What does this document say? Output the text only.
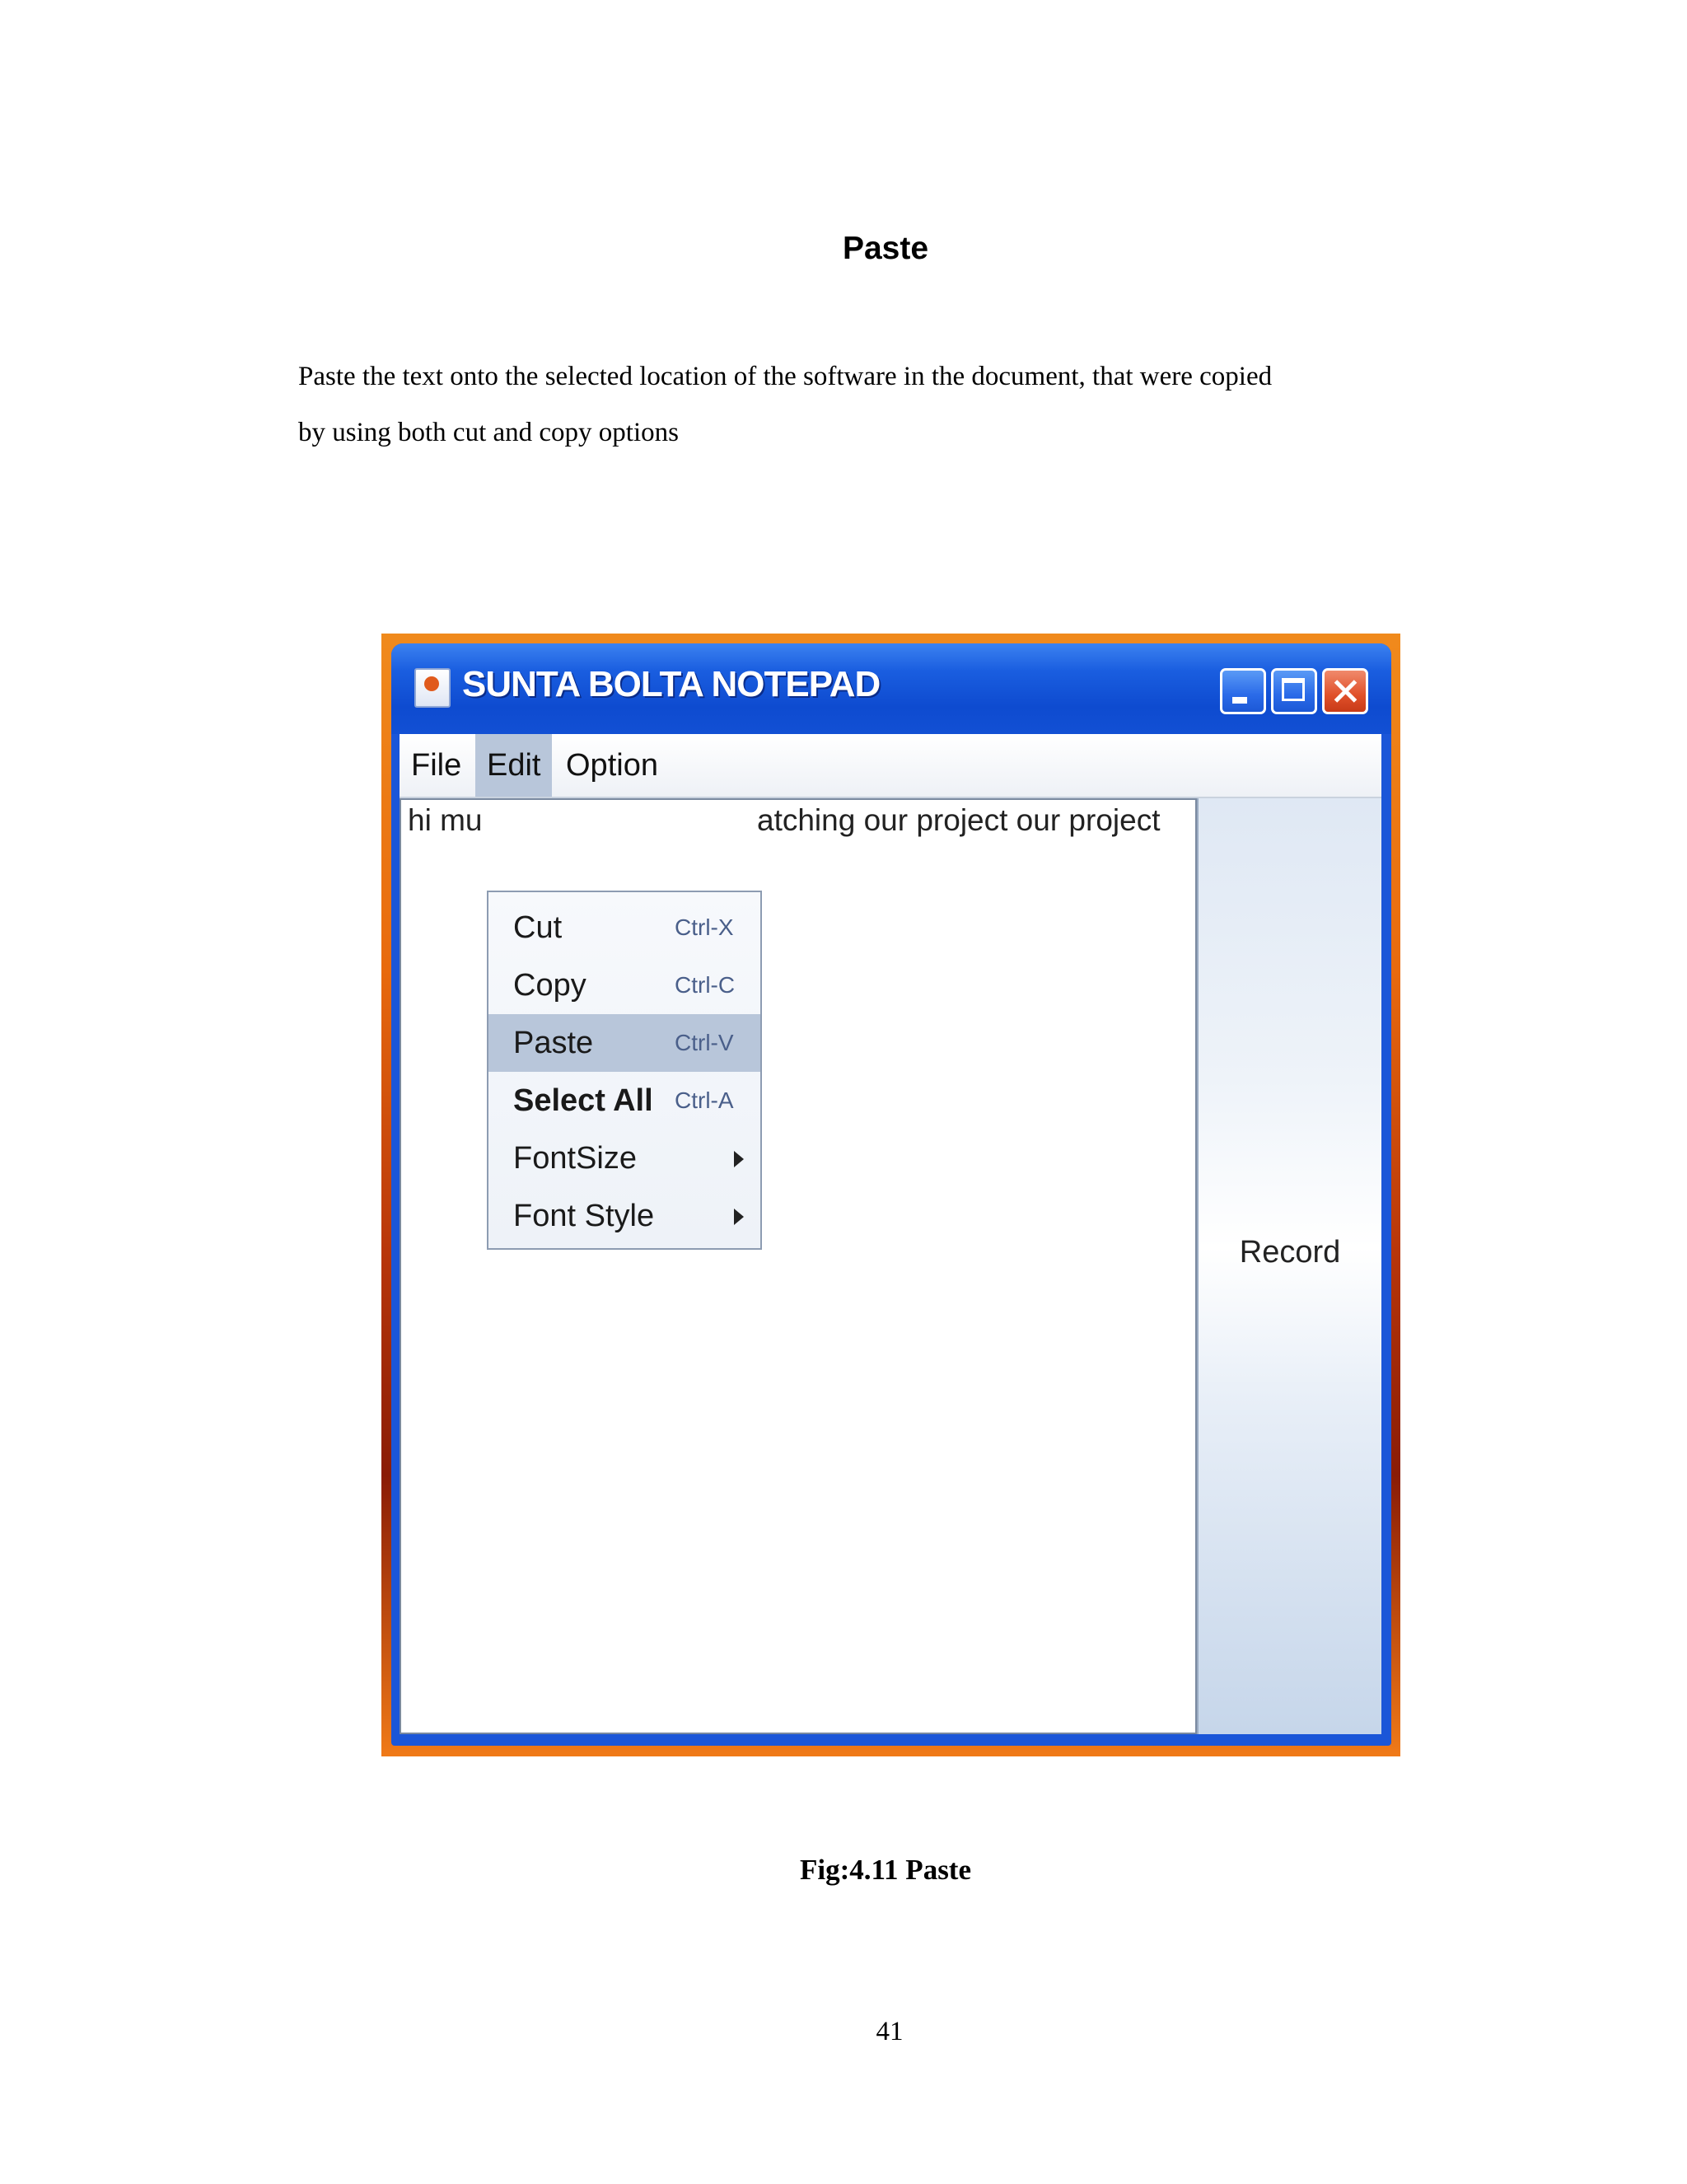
Paste

Paste the text onto the selected location of the software in the document, that were copied

by using both cut and copy options

SUNTA BOLTA NOTEPAD
File Edit Option
hi mu	atching our project our project
Record
Cut	Ctrl-X
Copy	Ctrl-C
Paste	Ctrl-V
Select All Ctrl-A
FontSize
Font Style
Fig:4.11 Paste
41
